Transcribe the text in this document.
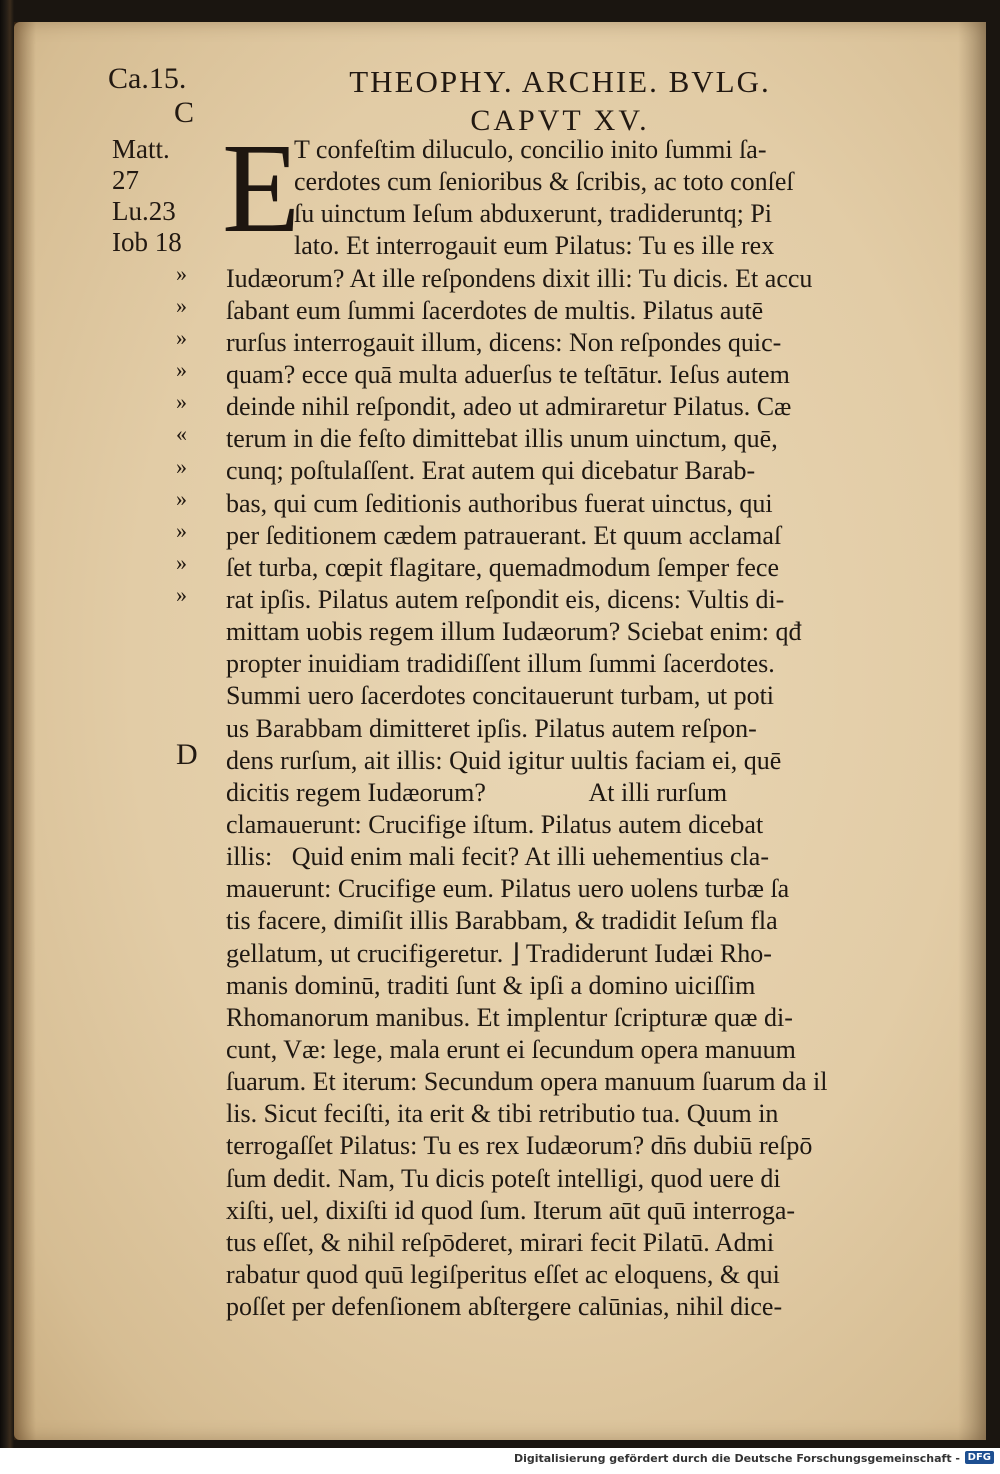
Ca.15.	THEOPHY. ARCHIE. BVLG.
C	CAPVT XV.
Matt.
27
Lu.23
Iob 18
»
»
»
»
»
«
»
»
»
»
»
D
E
T confeſtim diluculo, concilio inito ſummi ſa-
cerdotes cum ſenioribus & ſcribis, ac toto conſeſ
ſu uinctum Ieſum abduxerunt, tradideruntq; Pi
lato. Et interrogauit eum Pilatus: Tu es ille rex
Iudæorum? At ille reſpondens dixit illi: Tu dicis. Et accu
ſabant eum ſummi ſacerdotes de multis. Pilatus autē
rurſus interrogauit illum, dicens: Non reſpondes quic-
quam? ecce quā multa aduerſus te teſtātur. Ieſus autem
deinde nihil reſpondit, adeo ut admiraretur Pilatus. Cæ
terum in die feſto dimittebat illis unum uinctum, quē,
cunq; poſtulaſſent. Erat autem qui dicebatur Barab-
bas, qui cum ſeditionis authoribus fuerat uinctus, qui
per ſeditionem cædem patrauerant. Et quum acclamaſ
ſet turba, cœpit flagitare, quemadmodum ſemper fece
rat ipſis. Pilatus autem reſpondit eis, dicens: Vultis di-
mittam uobis regem illum Iudæorum? Sciebat enim: qđ
propter inuidiam tradidiſſent illum ſummi ſacerdotes.
Summi uero ſacerdotes concitauerunt turbam, ut poti
us Barabbam dimitteret ipſis. Pilatus autem reſpon-
dens rurſum, ait illis: Quid igitur uultis faciam ei, quē
dicitis regem Iudæorum?                At illi rurſum
clamauerunt: Crucifige iſtum. Pilatus autem dicebat
illis:   Quid enim mali fecit? At illi uehementius cla-
mauerunt: Crucifige eum. Pilatus uero uolens turbæ ſa
tis facere, dimiſit illis Barabbam, & tradidit Ieſum fla
gellatum, ut crucifigeretur. ⌋ Tradiderunt Iudæi Rho-
manis dominū, traditi ſunt & ipſi a domino uiciſſim
Rhomanorum manibus. Et implentur ſcripturæ quæ di-
cunt, Væ: lege, mala erunt ei ſecundum opera manuum
ſuarum. Et iterum: Secundum opera manuum ſuarum da il
lis. Sicut feciſti, ita erit & tibi retributio tua. Quum in
terrogaſſet Pilatus: Tu es rex Iudæorum? dn̄s dubiū reſpō
ſum dedit. Nam, Tu dicis poteſt intelligi, quod uere di
xiſti, uel, dixiſti id quod ſum. Iterum aūt quū interroga-
tus eſſet, & nihil reſpōderet, mirari fecit Pilatū. Admi
rabatur quod quū legiſperitus eſſet ac eloquens, & qui
poſſet per defenſionem abſtergere calūnias, nihil dice-
Digitalisierung gefördert durch die Deutsche Forschungsgemeinschaft - DFG
